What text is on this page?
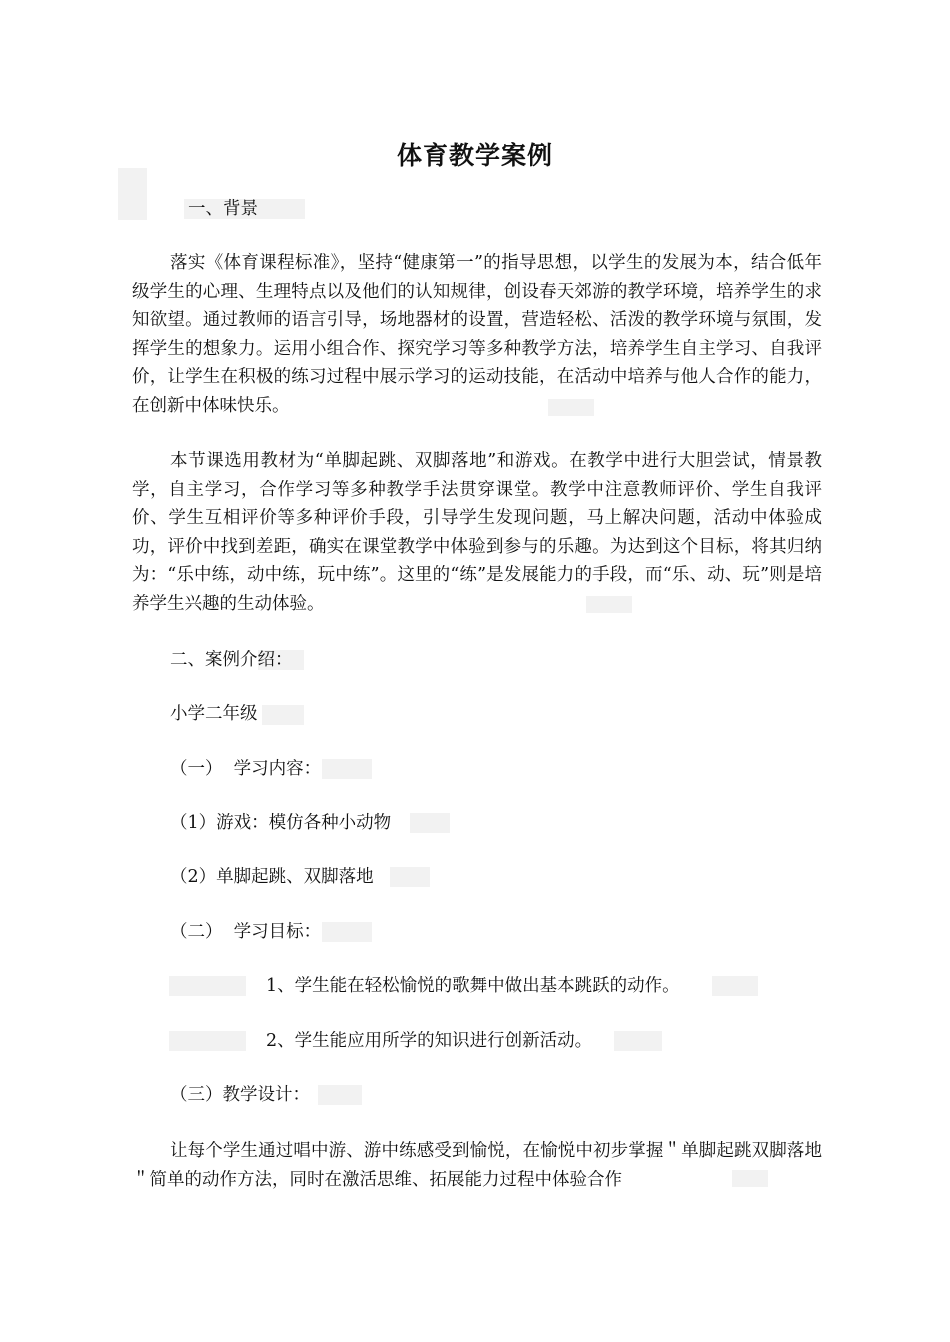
体育教学案例
一、背景
落实《体育课程标准》，坚持“健康第一”的指导思想，以学生的发展为本，结合低年级学生的心理、生理特点以及他们的认知规律，创设春天郊游的教学环境，培养学生的求知欲望。通过教师的语言引导，场地器材的设置，营造轻松、活泼的教学环境与氛围，发挥学生的想象力。运用小组合作、探究学习等多种教学方法，培养学生自主学习、自我评价，让学生在积极的练习过程中展示学习的运动技能，在活动中培养与他人合作的能力，在创新中体味快乐。
本节课选用教材为“单脚起跳、双脚落地”和游戏。在教学中进行大胆尝试，情景教学，自主学习，合作学习等多种教学手法贯穿课堂。教学中注意教师评价、学生自我评价、学生互相评价等多种评价手段，引导学生发现问题，马上解决问题，活动中体验成功，评价中找到差距，确实在课堂教学中体验到参与的乐趣。为达到这个目标，将其归纳为：“乐中练，动中练，玩中练”。这里的“练”是发展能力的手段，而“乐、动、玩”则是培养学生兴趣的生动体验。
二、案例介绍：
小学二年级
（一）  学习内容：
（1）游戏：模仿各种小动物
（2）单脚起跳、双脚落地
（二）  学习目标：
1、学生能在轻松愉悦的歌舞中做出基本跳跃的动作。
2、学生能应用所学的知识进行创新活动。
（三）教学设计：
让每个学生通过唱中游、游中练感受到愉悦，在愉悦中初步掌握＂单脚起跳双脚落地＂简单的动作方法，同时在激活思维、拓展能力过程中体验合作
